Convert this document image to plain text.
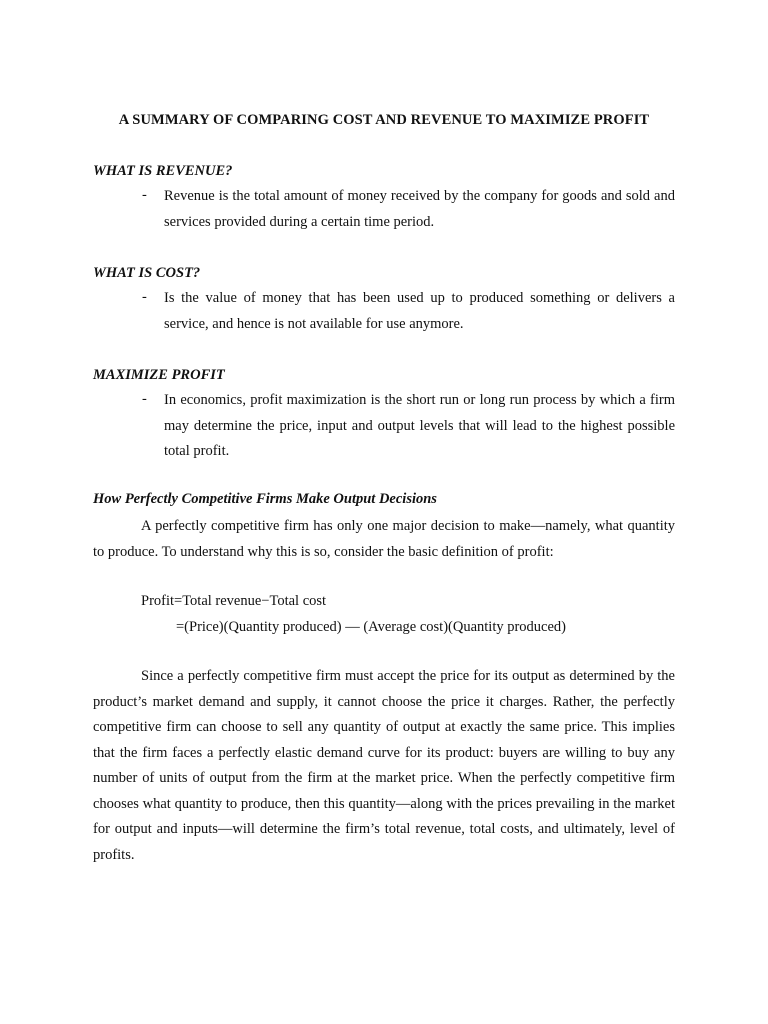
A SUMMARY OF COMPARING COST AND REVENUE TO MAXIMIZE PROFIT
WHAT IS REVENUE?
- Revenue is the total amount of money received by the company for goods and sold and services provided during a certain time period.
WHAT IS COST?
- Is the value of money that has been used up to produced something or delivers a service, and hence is not available for use anymore.
MAXIMIZE PROFIT
- In economics, profit maximization is the short run or long run process by which a firm may determine the price, input and output levels that will lead to the highest possible total profit.
How Perfectly Competitive Firms Make Output Decisions
A perfectly competitive firm has only one major decision to make—namely, what quantity to produce. To understand why this is so, consider the basic definition of profit:
Profit=Total revenue−Total cost
=(Price)(Quantity produced) — (Average cost)(Quantity produced)
Since a perfectly competitive firm must accept the price for its output as determined by the product’s market demand and supply, it cannot choose the price it charges. Rather, the perfectly competitive firm can choose to sell any quantity of output at exactly the same price. This implies that the firm faces a perfectly elastic demand curve for its product: buyers are willing to buy any number of units of output from the firm at the market price. When the perfectly competitive firm chooses what quantity to produce, then this quantity—along with the prices prevailing in the market for output and inputs—will determine the firm’s total revenue, total costs, and ultimately, level of profits.
